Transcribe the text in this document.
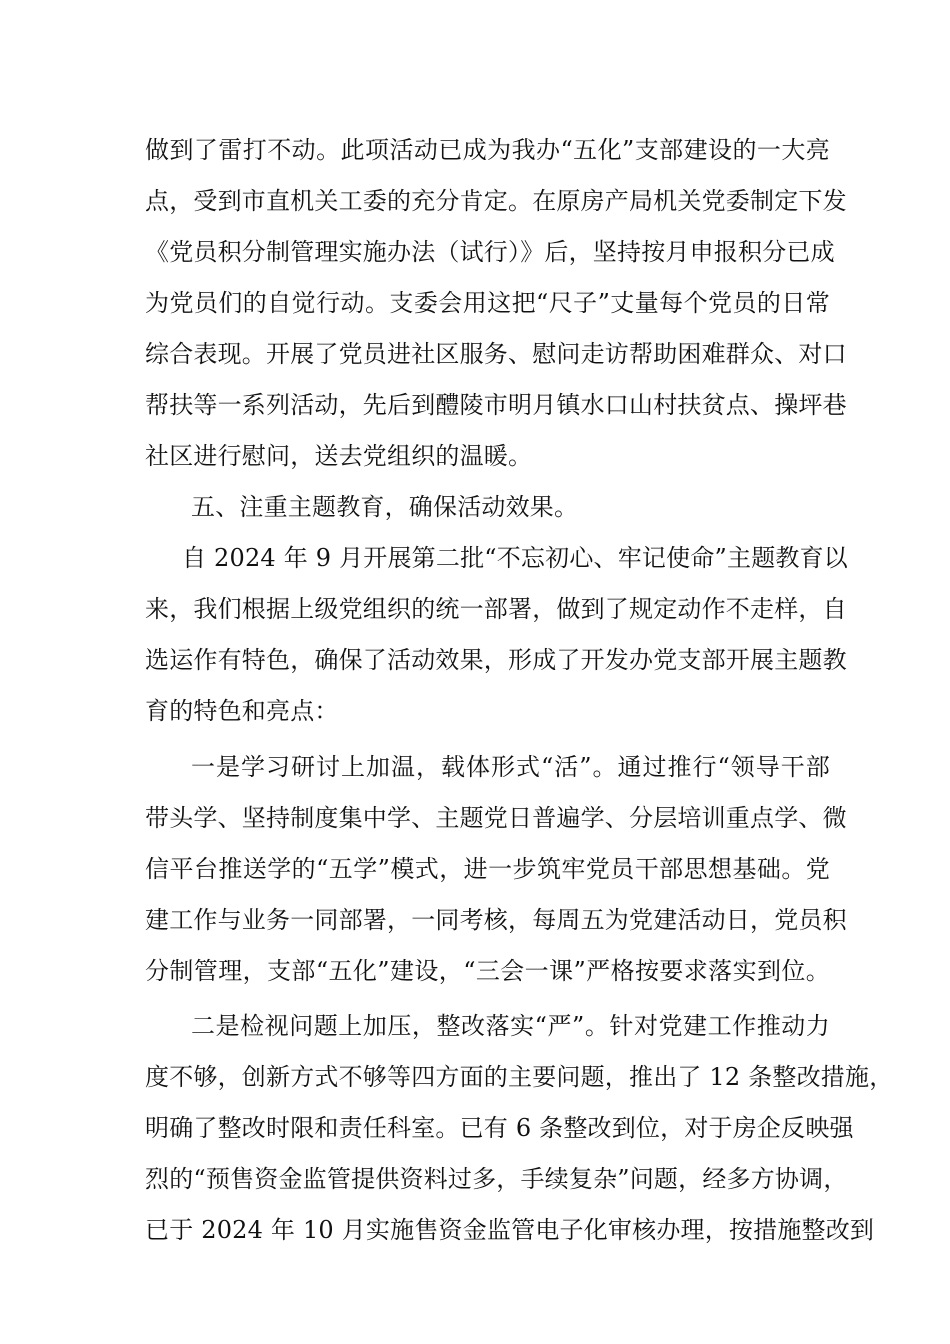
做到了雷打不动。此项活动已成为我办“五化”支部建设的一大亮
点，受到市直机关工委的充分肯定。在原房产局机关党委制定下发
《党员积分制管理实施办法（试行）》后，坚持按月申报积分已成
为党员们的自觉行动。支委会用这把“尺子”丈量每个党员的日常
综合表现。开展了党员进社区服务、慰问走访帮助困难群众、对口
帮扶等一系列活动，先后到醴陵市明月镇水口山村扶贫点、操坪巷
社区进行慰问，送去党组织的温暖。
五、注重主题教育，确保活动效果。
自 2024 年 9 月开展第二批“不忘初心、牢记使命”主题教育以
来，我们根据上级党组织的统一部署，做到了规定动作不走样，自
选运作有特色，确保了活动效果，形成了开发办党支部开展主题教
育的特色和亮点：
一是学习研讨上加温，载体形式“活”。通过推行“领导干部
带头学、坚持制度集中学、主题党日普遍学、分层培训重点学、微
信平台推送学的“五学”模式，进一步筑牢党员干部思想基础。党
建工作与业务一同部署，一同考核，每周五为党建活动日，党员积
分制管理，支部“五化”建设，“三会一课”严格按要求落实到位。
二是检视问题上加压，整改落实“严”。针对党建工作推动力
度不够，创新方式不够等四方面的主要问题，推出了 12 条整改措施，
明确了整改时限和责任科室。已有 6 条整改到位，对于房企反映强
烈的“预售资金监管提供资料过多，手续复杂”问题，经多方协调，
已于 2024 年 10 月实施售资金监管电子化审核办理，按措施整改到
